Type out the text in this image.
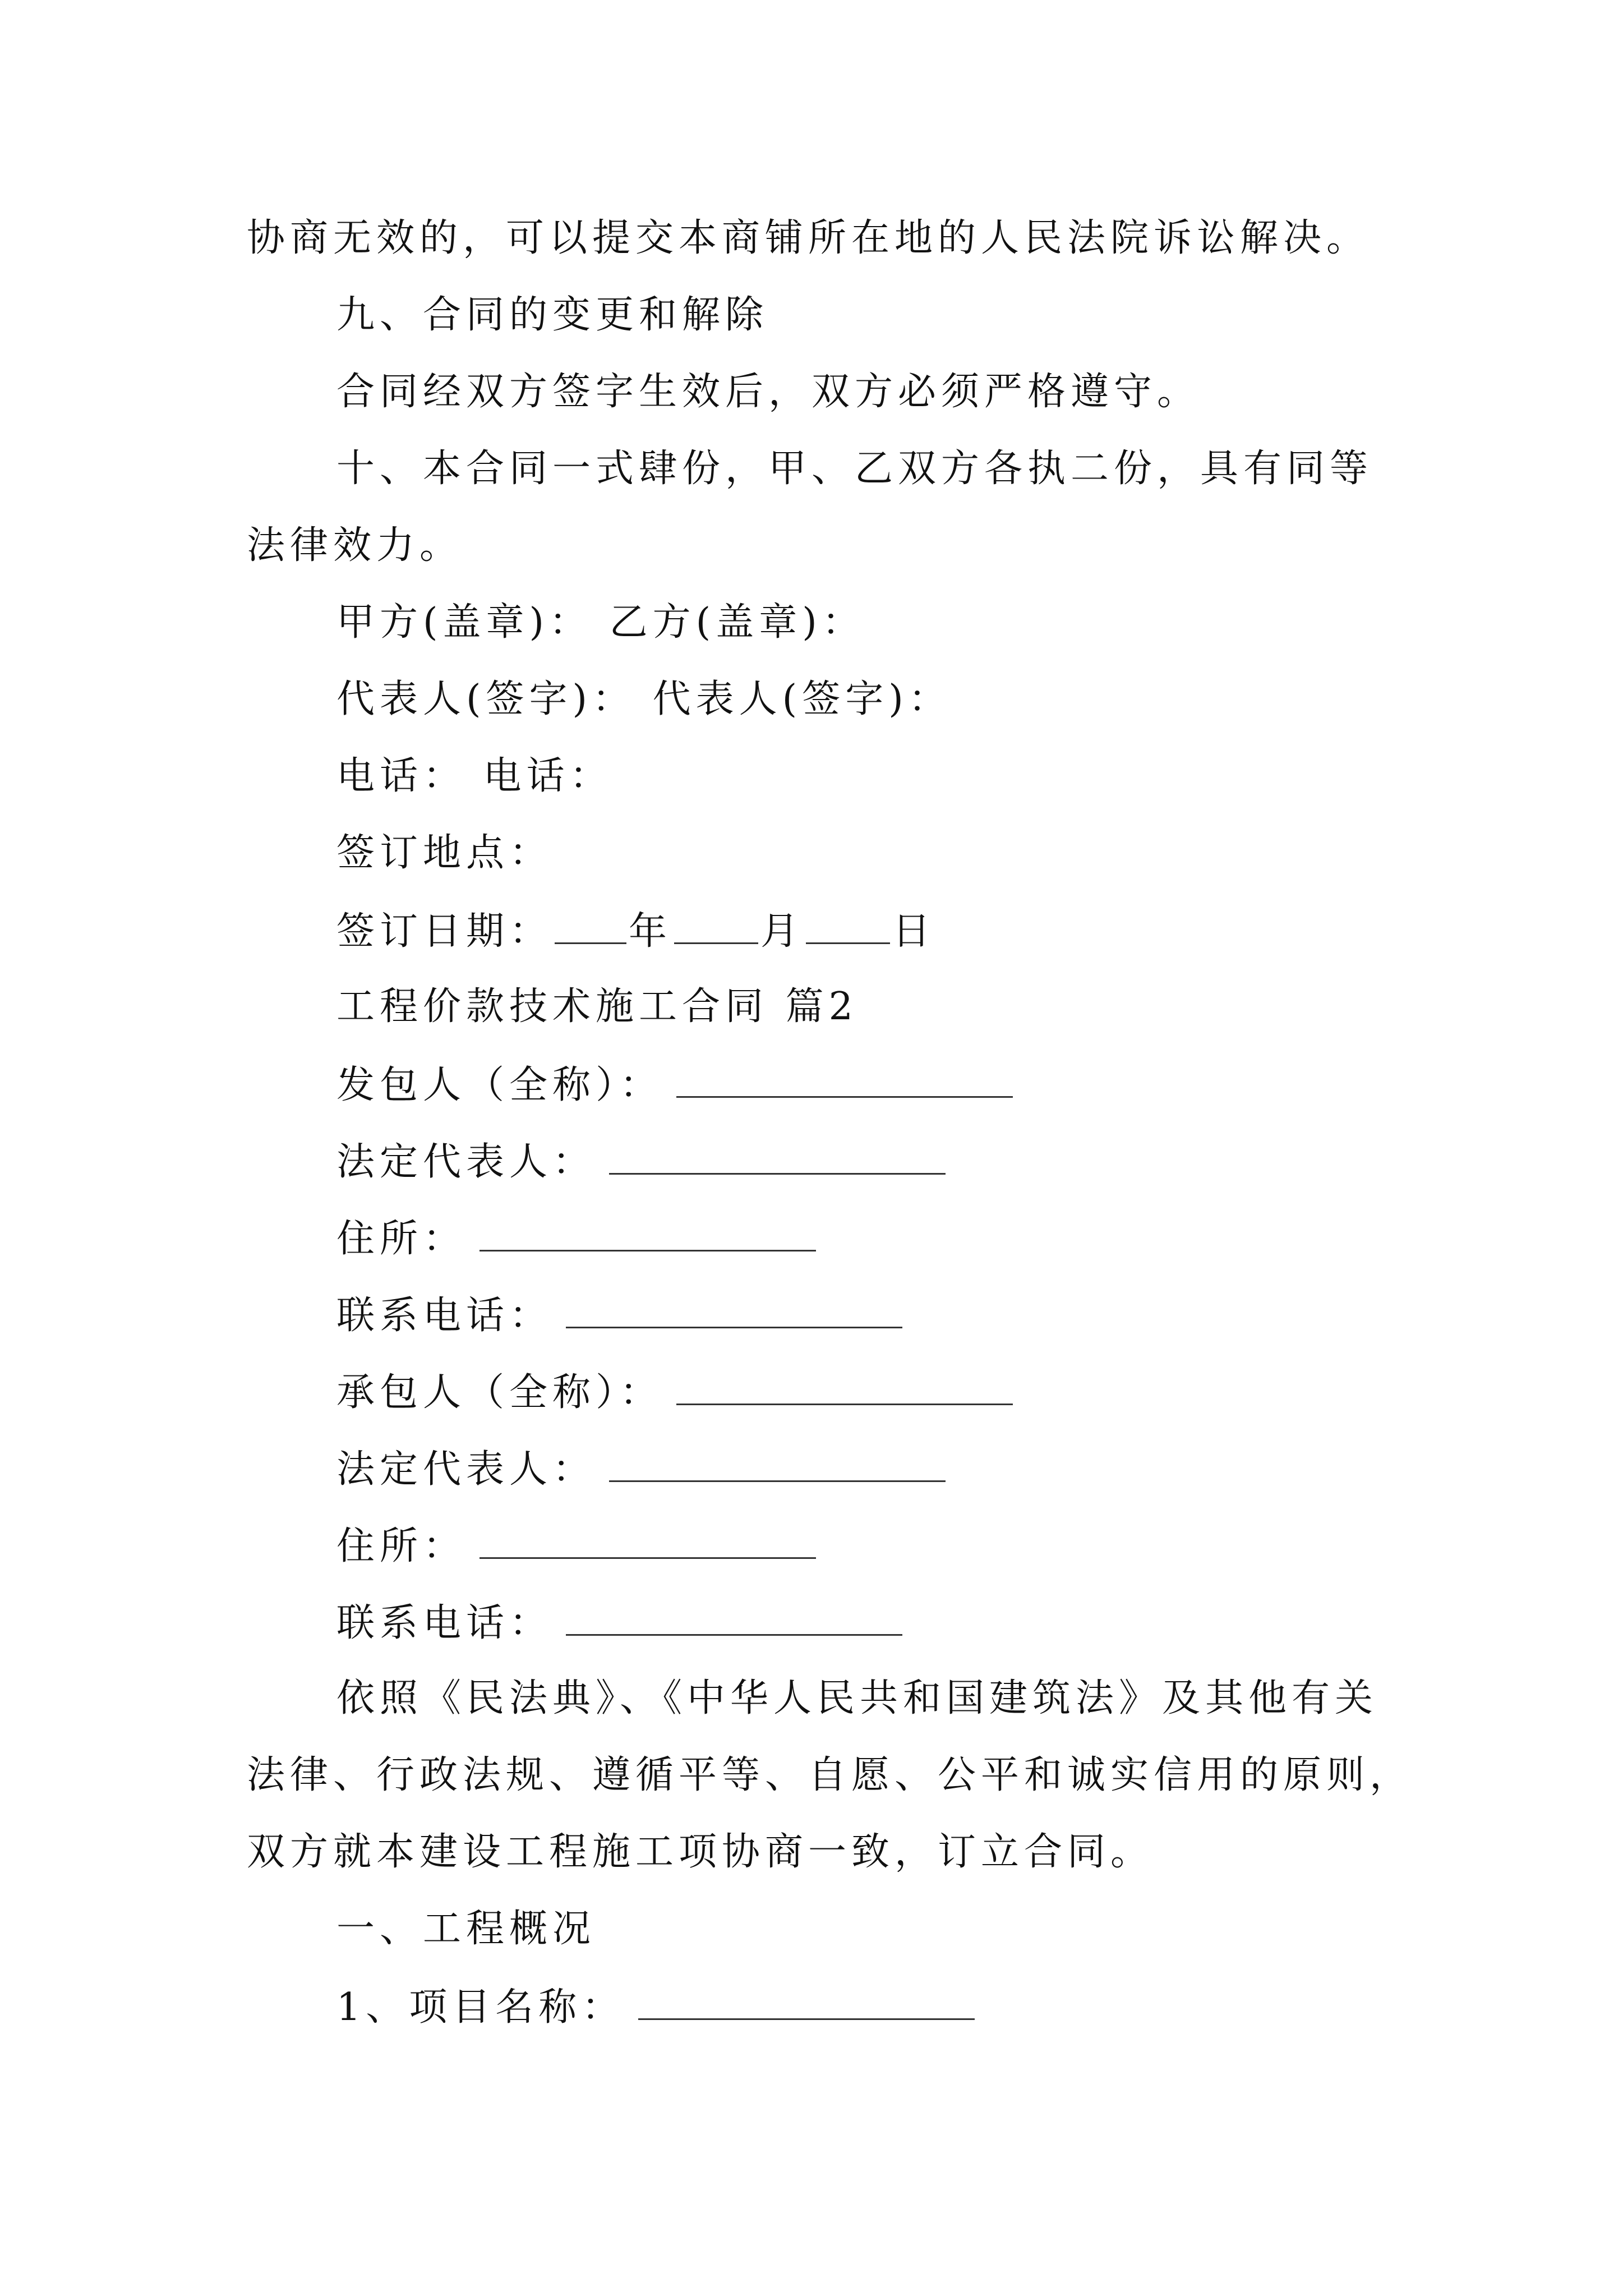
协商无效的，可以提交本商铺所在地的人民法院诉讼解决。
九、合同的变更和解除
合同经双方签字生效后，双方必须严格遵守。
十、本合同一式肆份，甲、乙双方各执二份，具有同等
法律效力。
甲方(盖章)： 乙方(盖章)：
代表人(签字)： 代表人(签字)：
电话： 电话：
签订地点：
签订日期： 年 月 日
工程价款技术施工合同 篇2
发包人（全称）：
法定代表人：
住所：
联系电话：
承包人（全称）：
法定代表人：
住所：
联系电话：
依照《民法典》、《中华人民共和国建筑法》及其他有关
法律、行政法规、遵循平等、自愿、公平和诚实信用的原则，
双方就本建设工程施工项协商一致，订立合同。
一、工程概况
1、项目名称：
